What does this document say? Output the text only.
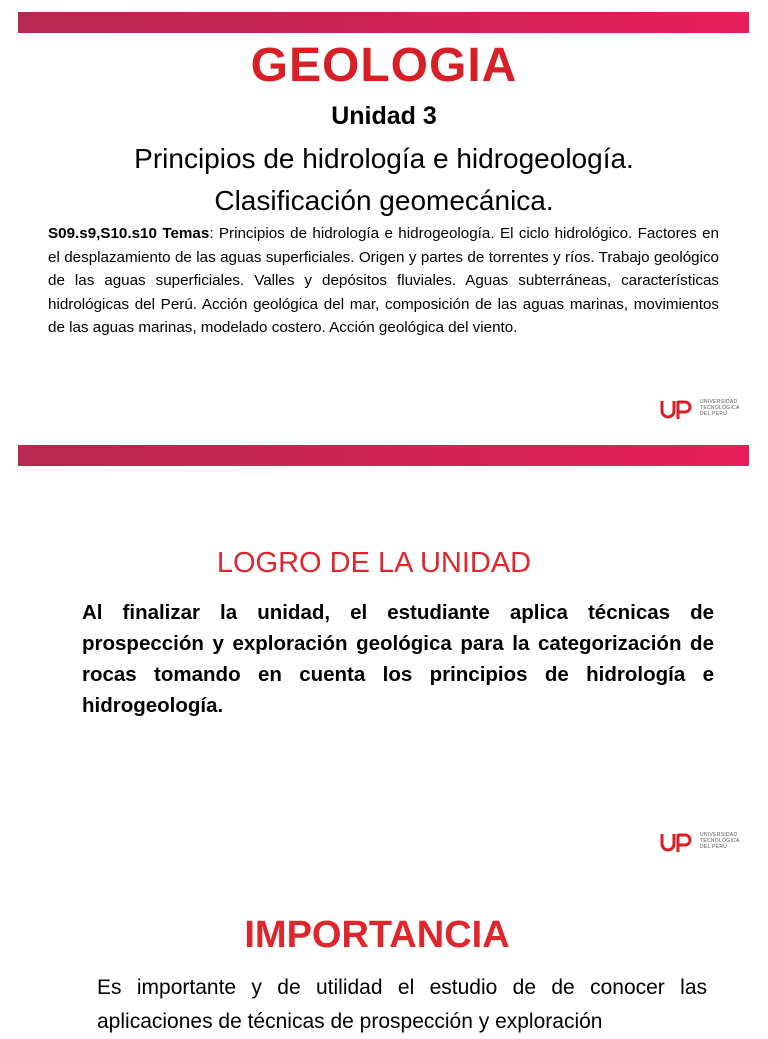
GEOLOGIA
Unidad 3
Principios de hidrología e hidrogeología.
Clasificación geomecánica.
S09.s9,S10.s10 Temas: Principios de hidrología e hidrogeología. El ciclo hidrológico. Factores en el desplazamiento de las aguas superficiales. Origen y partes de torrentes y ríos. Trabajo geológico de las aguas superficiales. Valles y depósitos fluviales. Aguas subterráneas, características hidrológicas del Perú. Acción geológica del mar, composición de las aguas marinas, movimientos de las aguas marinas, modelado costero. Acción geológica del viento.
UNIVERSIDAD
TECNOLÓGICA
DEL PERÚ
LOGRO DE LA UNIDAD
Al finalizar la unidad, el estudiante aplica técnicas de prospección y exploración geológica para la categorización de rocas tomando en cuenta los principios de hidrología e hidrogeología.
UNIVERSIDAD
TECNOLÓGICA
DEL PERÚ
IMPORTANCIA
Es importante y de utilidad el estudio de de conocer las aplicaciones de técnicas de prospección y exploración
